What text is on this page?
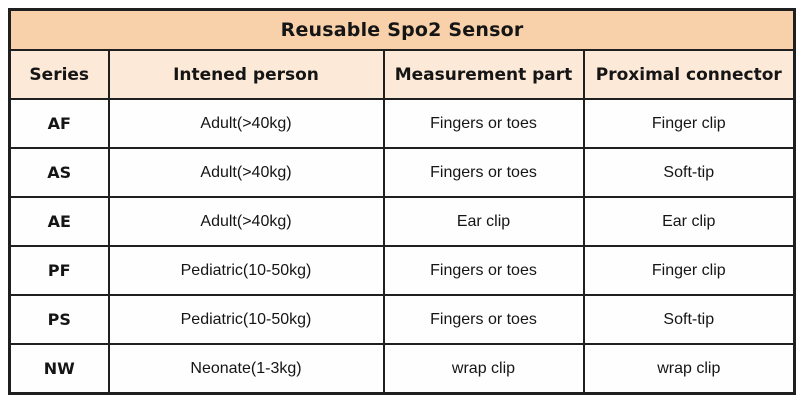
Reusable Spo2 Sensor			
Series	Intened person	Measurement part	Proximal connector
AF	Adult(>40kg)	Fingers or toes	Finger clip
AS	Adult(>40kg)	Fingers or toes	Soft-tip
AE	Adult(>40kg)	Ear clip	Ear clip
PF	Pediatric(10-50kg)	Fingers or toes	Finger clip
PS	Pediatric(10-50kg)	Fingers or toes	Soft-tip
NW	Neonate(1-3kg)	wrap clip	wrap clip
